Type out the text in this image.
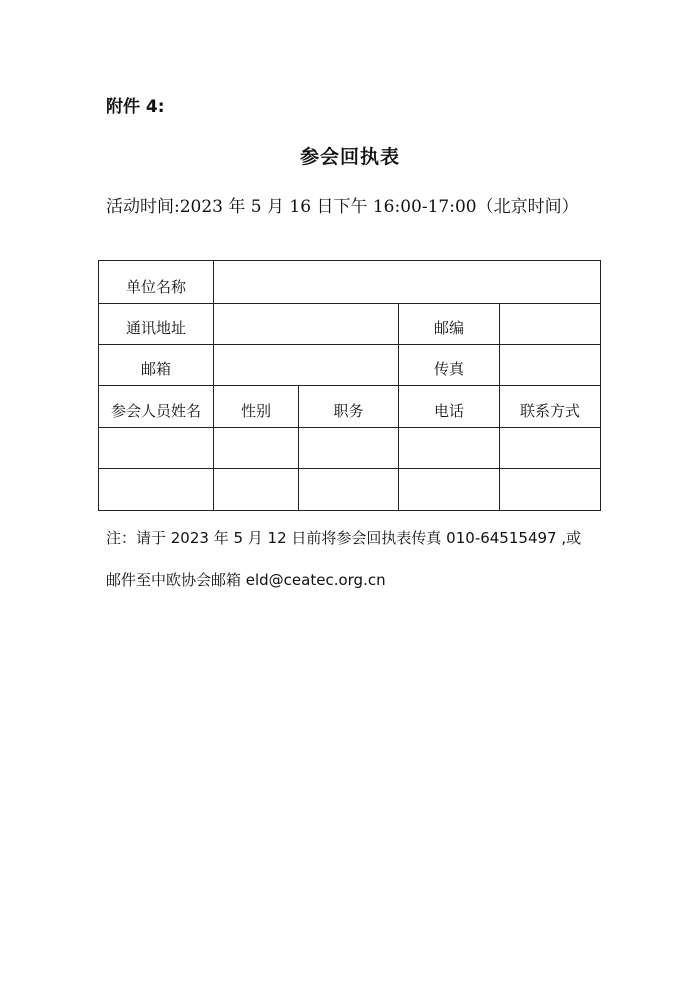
附件 4:
参会回执表
活动时间:2023 年 5 月 16 日下午 16:00-17:00（北京时间）
单位名称				
通讯地址			邮编	
邮箱			传真	
参会人员姓名	性别	职务	电话	联系方式

注：请于 2023 年 5 月 12 日前将参会回执表传真 010-64515497 ,或
邮件至中欧协会邮箱 eld@ceatec.org.cn
